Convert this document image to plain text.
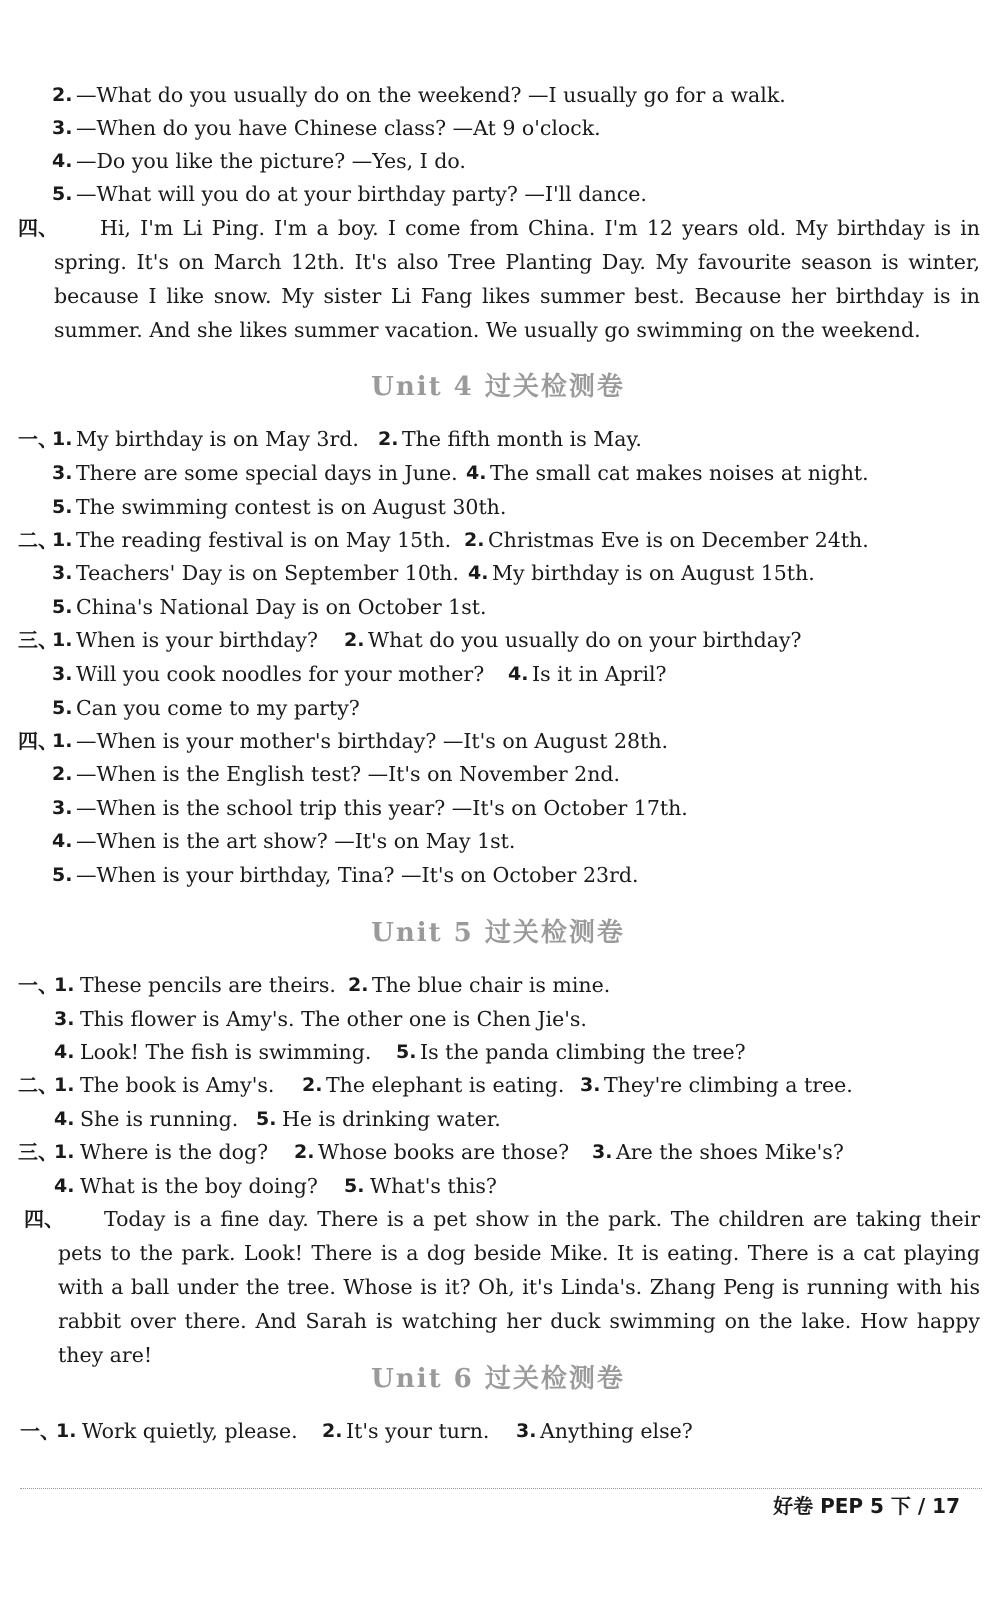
2. —What do you usually do on the weekend? —I usually go for a walk.
3. —When do you have Chinese class? —At 9 o'clock.
4. —Do you like the picture? —Yes, I do.
5. —What will you do at your birthday party? —I'll dance.
四、	Hi, I'm Li Ping. I'm a boy. I come from China. I'm 12 years old. My birthday is in spring. It's on March 12th. It's also Tree Planting Day. My favourite season is winter, because I like snow. My sister Li Fang likes summer best. Because her birthday is in summer. And she likes summer vacation. We usually go swimming on the weekend.
Unit 4 过关检测卷
一、
1. My birthday is on May 3rd. 2. The fifth month is May.
3. There are some special days in June. 4. The small cat makes noises at night.
5. The swimming contest is on August 30th.
二、
1. The reading festival is on May 15th. 2. Christmas Eve is on December 24th.
3. Teachers' Day is on September 10th. 4. My birthday is on August 15th.
5. China's National Day is on October 1st.
三、
1. When is your birthday? 2. What do you usually do on your birthday?
3. Will you cook noodles for your mother? 4. Is it in April?
5. Can you come to my party?
四、
1. —When is your mother's birthday? —It's on August 28th.
2. —When is the English test? —It's on November 2nd.
3. —When is the school trip this year? —It's on October 17th.
4. —When is the art show? —It's on May 1st.
5. —When is your birthday, Tina? —It's on October 23rd.
Unit 5 过关检测卷
一、
1. These pencils are theirs. 2. The blue chair is mine.
3. This flower is Amy's. The other one is Chen Jie's.
4. Look! The fish is swimming. 5. Is the panda climbing the tree?
二、
1. The book is Amy's. 2. The elephant is eating. 3. They're climbing a tree.
4. She is running. 5. He is drinking water.
三、
1. Where is the dog? 2. Whose books are those? 3. Are the shoes Mike's?
4. What is the boy doing? 5. What's this?
四、	Today is a fine day. There is a pet show in the park. The children are taking their pets to the park. Look! There is a dog beside Mike. It is eating. There is a cat playing with a ball under the tree. Whose is it? Oh, it's Linda's. Zhang Peng is running with his rabbit over there. And Sarah is watching her duck swimming on the lake. How happy they are!
Unit 6 过关检测卷
一、
1. Work quietly, please. 2. It's your turn. 3. Anything else?
好卷 PEP 5 下 / 17
